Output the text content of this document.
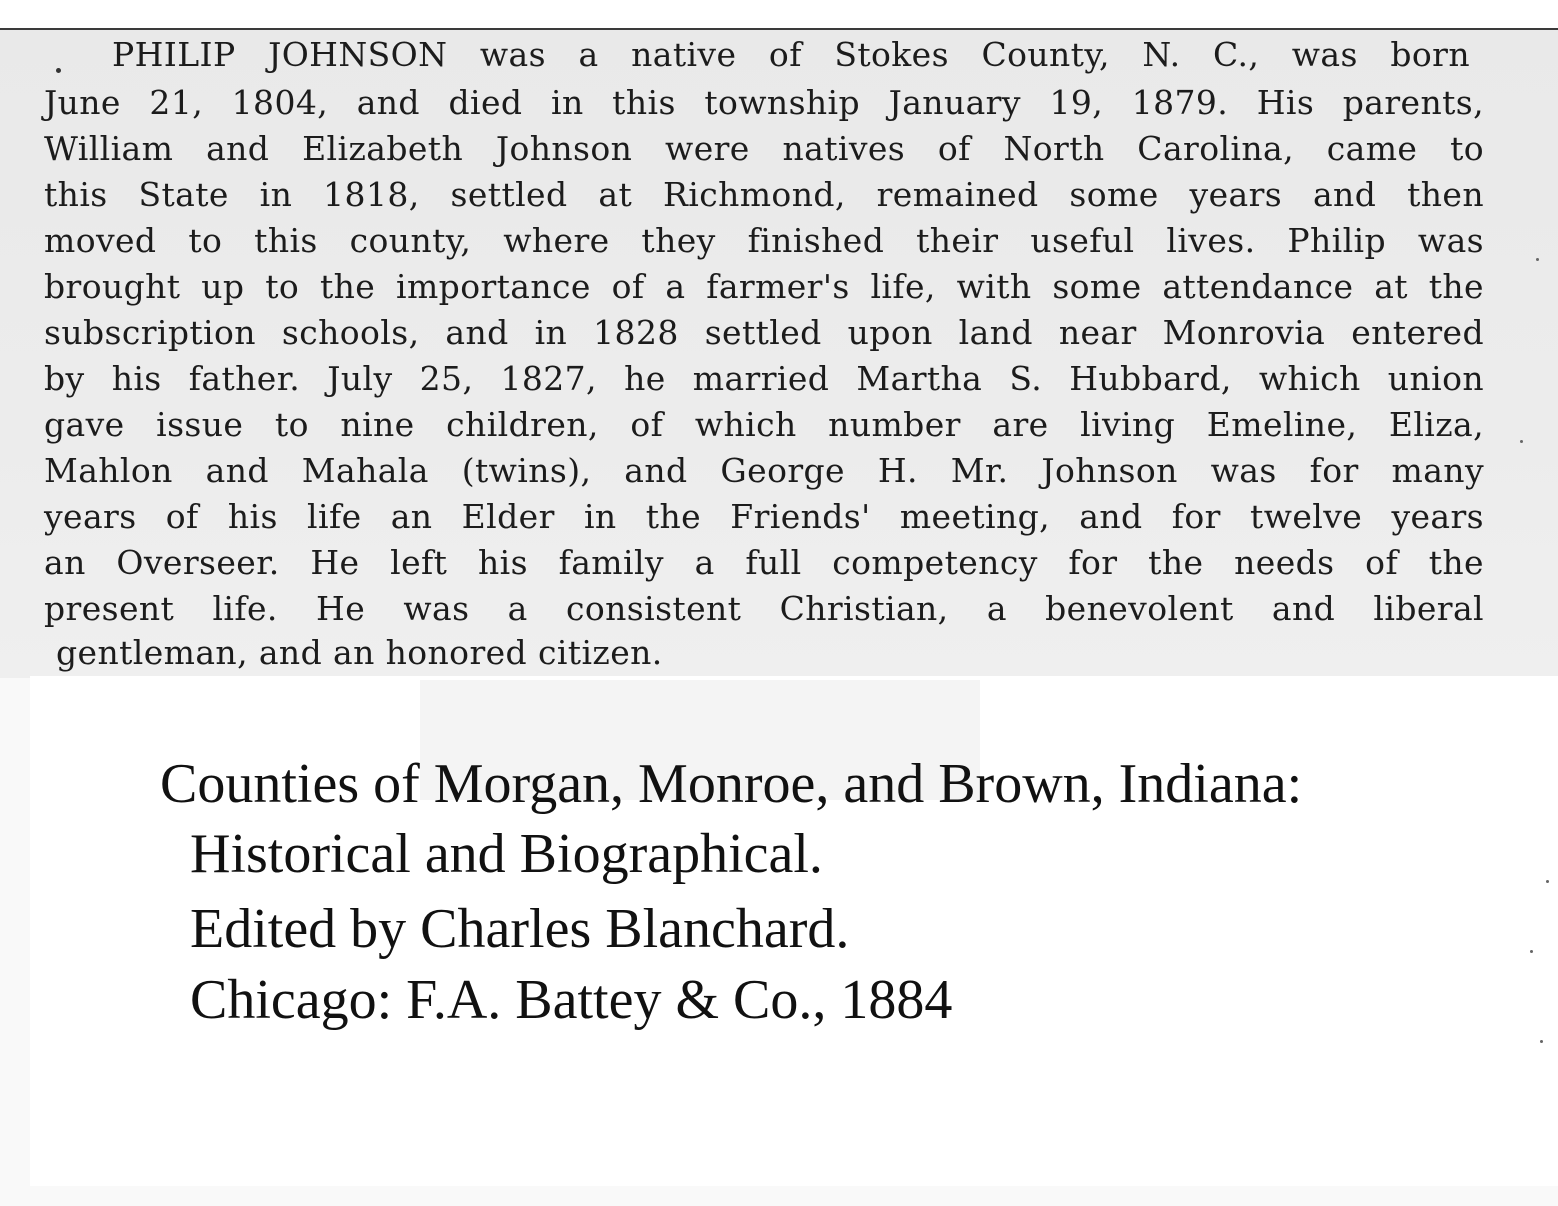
PHILIP JOHNSON was a native of Stokes County, N. C., was born
June 21, 1804, and died in this township January 19, 1879. His parents,
William and Elizabeth Johnson were natives of North Carolina, came to
this State in 1818, settled at Richmond, remained some years and then
moved to this county, where they finished their useful lives. Philip was
brought up to the importance of a farmer's life, with some attendance at the
subscription schools, and in 1828 settled upon land near Monrovia entered
by his father. July 25, 1827, he married Martha S. Hubbard, which union
gave issue to nine children, of which number are living Emeline, Eliza,
Mahlon and Mahala (twins), and George H. Mr. Johnson was for many
years of his life an Elder in the Friends' meeting, and for twelve years
an Overseer. He left his family a full competency for the needs of the
present life. He was a consistent Christian, a benevolent and liberal
gentleman, and an honored citizen.
Counties of Morgan, Monroe, and Brown, Indiana:
Historical and Biographical.
Edited by Charles Blanchard.
Chicago: F.A. Battey & Co., 1884
